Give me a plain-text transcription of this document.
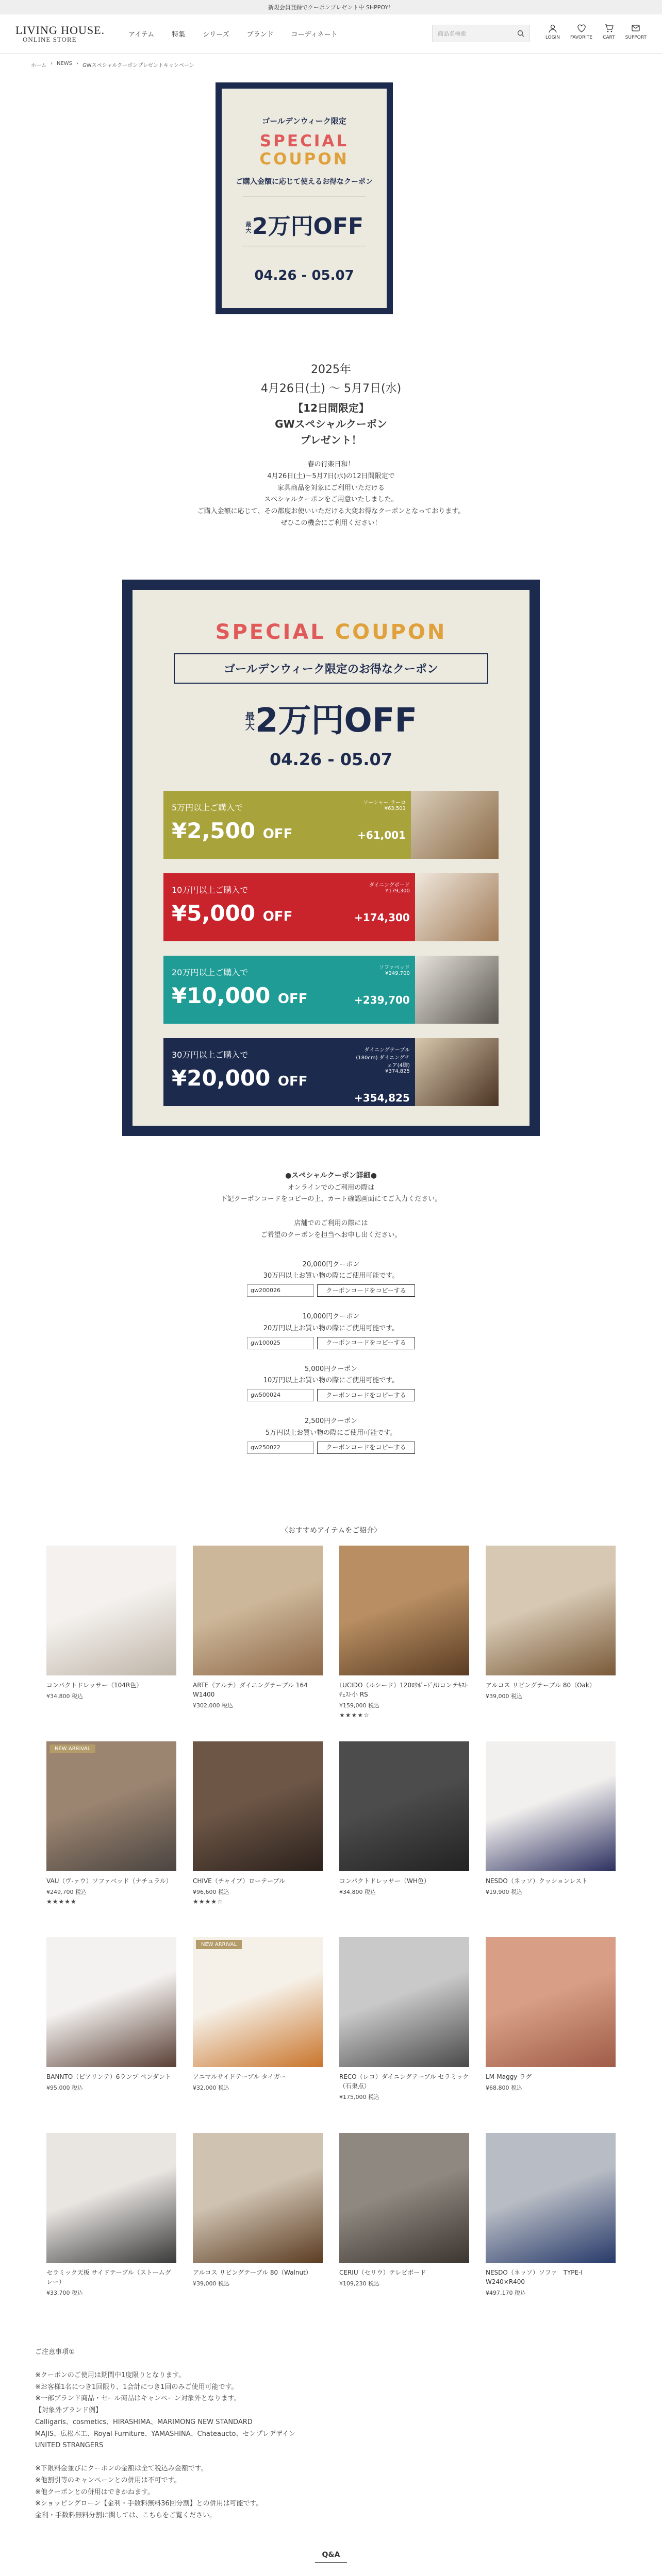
新規会員登録でクーポンプレゼント中 SHPPOY！
LIVING HOUSE.
ONLINE STORE
アイテム	特集	シリーズ	ブランド	コーディネート	商品名検索
LOGIN FAVORITE CART SUPPORT
ホーム › NEWS › GWスペシャルクーポンプレゼントキャンペーン
ゴールデンウィーク限定
SPECIAL
COUPON
ご購入金額に応じて使えるお得なクーポン
最大2万円OFF
04.26 - 05.07
2025年
4月26日(土) 〜 5月7日(水)
【12日間限定】
GWスペシャルクーポン
プレゼント！
春の行楽日和！
4月26日(土)〜5月7日(水)の12日間限定で
家具商品を対象にご利用いただける
スペシャルクーポンをご用意いたしました。
ご購入金額に応じて、その都度お使いいただける大変お得なクーポンとなっております。
ぜひこの機会にご利用ください！
SPECIAL COUPON
ゴールデンウィーク限定のお得なクーポン
最大2万円OFF
04.26 - 05.07
5万円以上ご購入で
¥2,500 OFF
ソーシャー ラーロ
¥63,501
+61,001
10万円以上ご購入で
¥5,000 OFF
ダイニングボード
¥179,300
+174,300
20万円以上ご購入で
¥10,000 OFF
ソファベッド
¥249,700
+239,700
30万円以上ご購入で
¥20,000 OFF
ダイニングテーブル(180cm) ダイニングチェア(4脚)
¥374,825
+354,825
●スペシャルクーポン詳細●
オンラインでのご利用の際は
下記クーポンコードをコピーの上、カート確認画面にてご入力ください。
店舗でのご利用の際には
ご希望のクーポンを担当へお申し出ください。
20,000円クーポン
30万円以上お買い物の際にご使用可能です。
gw200026	クーポンコードをコピーする
10,000円クーポン
20万円以上お買い物の際にご使用可能です。
gw100025	クーポンコードをコピーする
5,000円クーポン
10万円以上お買い物の際にご使用可能です。
gw500024	クーポンコードをコピーする
2,500円クーポン
5万円以上お買い物の際にご使用可能です。
gw250022	クーポンコードをコピーする
〈おすすめアイテムをご紹介〉
コンパクトドレッサー（104R色）
¥34,800 税込
ARTE（アルテ）ダイニングテーブル 164 W1400
¥302,000 税込
LUCIDO（ルシード）120ﾛｳﾎﾞｰﾄﾞ/Uコンテｷｽﾄﾁｪｽﾄ小 RS
¥159,000 税込
★★★★☆
アルコス リビングテーブル 80（Oak）
¥39,000 税込
NEW ARRIVAL
VAU（ヴ-ァウ）ソファベッド（ナチュラル）
¥249,700 税込
★★★★★
CHIVE（チャイブ）ローテーブル
¥96,600 税込
★★★★☆
コンパクトドレッサー（WH色）
¥34,800 税込
NESDO（ネッソ）クッションレスト
¥19,900 税込
BANNTO（ビアリンテ）6ランプ ペンダント
¥95,000 税込
NEW ARRIVAL
アニマルサイドテーブル タイガー
¥32,000 税込
RECO（レコ）ダイニングテーブル セラミック（石巣点）
¥175,000 税込
LM-Maggy ラグ
¥68,800 税込
セラミック天板 サイドテーブル（ストームグレー）
¥33,700 税込
アルコス リビングテーブル 80（Walnut）
¥39,000 税込
CERIU（セリウ）テレビボード
¥109,230 税込
NESDO（ネッソ）ソファ　TYPE-I W240×R400
¥497,170 税込
ご注意事項①
※クーポンのご使用は期間中1度限りとなります。
※お客様1名につき1回限り、1会計につき1回のみご使用可能です。
※一部ブランド商品・セール商品はキャンペーン対象外となります。
【対象外ブランド例】
Calligaris、cosmetics、HIRASHIMA、MARIMONG NEW STANDARD
MAJIS、広松木工、Royal Furniture、YAMASHINA、Chateaucto、センプレデザイン
UNITED STRANGERS
※下限料金並びにクーポンの金額は全て税込み金額です。
※他割引等のキャンペーンとの併用は不可です。
※他クーポンとの併用はできかねます。
※ショッピングローン【金利・手数料無料36回分割】との併用は可能です。
金利・手数料無料分割に関しては、こちらをご覧ください。
Q&A
